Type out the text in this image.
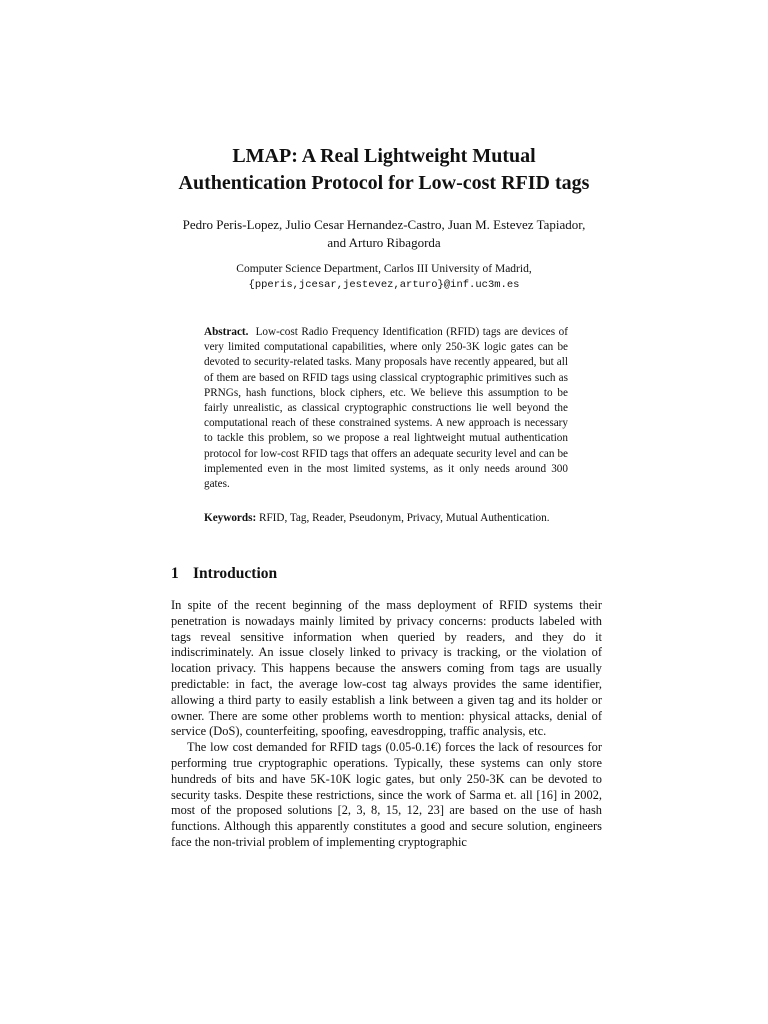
LMAP: A Real Lightweight Mutual
Authentication Protocol for Low-cost RFID tags
Pedro Peris-Lopez, Julio Cesar Hernandez-Castro, Juan M. Estevez Tapiador,
and Arturo Ribagorda
Computer Science Department, Carlos III University of Madrid,
{pperis,jcesar,jestevez,arturo}@inf.uc3m.es

Abstract. Low-cost Radio Frequency Identification (RFID) tags are devices of very limited computational capabilities, where only 250-3K logic gates can be devoted to security-related tasks. Many proposals have recently appeared, but all of them are based on RFID tags using classical cryptographic primitives such as PRNGs, hash functions, block ciphers, etc. We believe this assumption to be fairly unrealistic, as classical cryptographic constructions lie well beyond the computational reach of these constrained systems. A new approach is necessary to tackle this problem, so we propose a real lightweight mutual authentication protocol for low-cost RFID tags that offers an adequate security level and can be implemented even in the most limited systems, as it only needs around 300 gates.

Keywords: RFID, Tag, Reader, Pseudonym, Privacy, Mutual Authentication.

1 Introduction

In spite of the recent beginning of the mass deployment of RFID systems their penetration is nowadays mainly limited by privacy concerns: products labeled with tags reveal sensitive information when queried by readers, and they do it indiscriminately. An issue closely linked to privacy is tracking, or the violation of location privacy. This happens because the answers coming from tags are usually predictable: in fact, the average low-cost tag always provides the same identifier, allowing a third party to easily establish a link between a given tag and its holder or owner. There are some other problems worth to mention: physical attacks, denial of service (DoS), counterfeiting, spoofing, eavesdropping, traffic analysis, etc.

The low cost demanded for RFID tags (0.05-0.1€) forces the lack of resources for performing true cryptographic operations. Typically, these systems can only store hundreds of bits and have 5K-10K logic gates, but only 250-3K can be devoted to security tasks. Despite these restrictions, since the work of Sarma et. all [16] in 2002, most of the proposed solutions [2, 3, 8, 15, 12, 23] are based on the use of hash functions. Although this apparently constitutes a good and secure solution, engineers face the non-trivial problem of implementing cryptographic
